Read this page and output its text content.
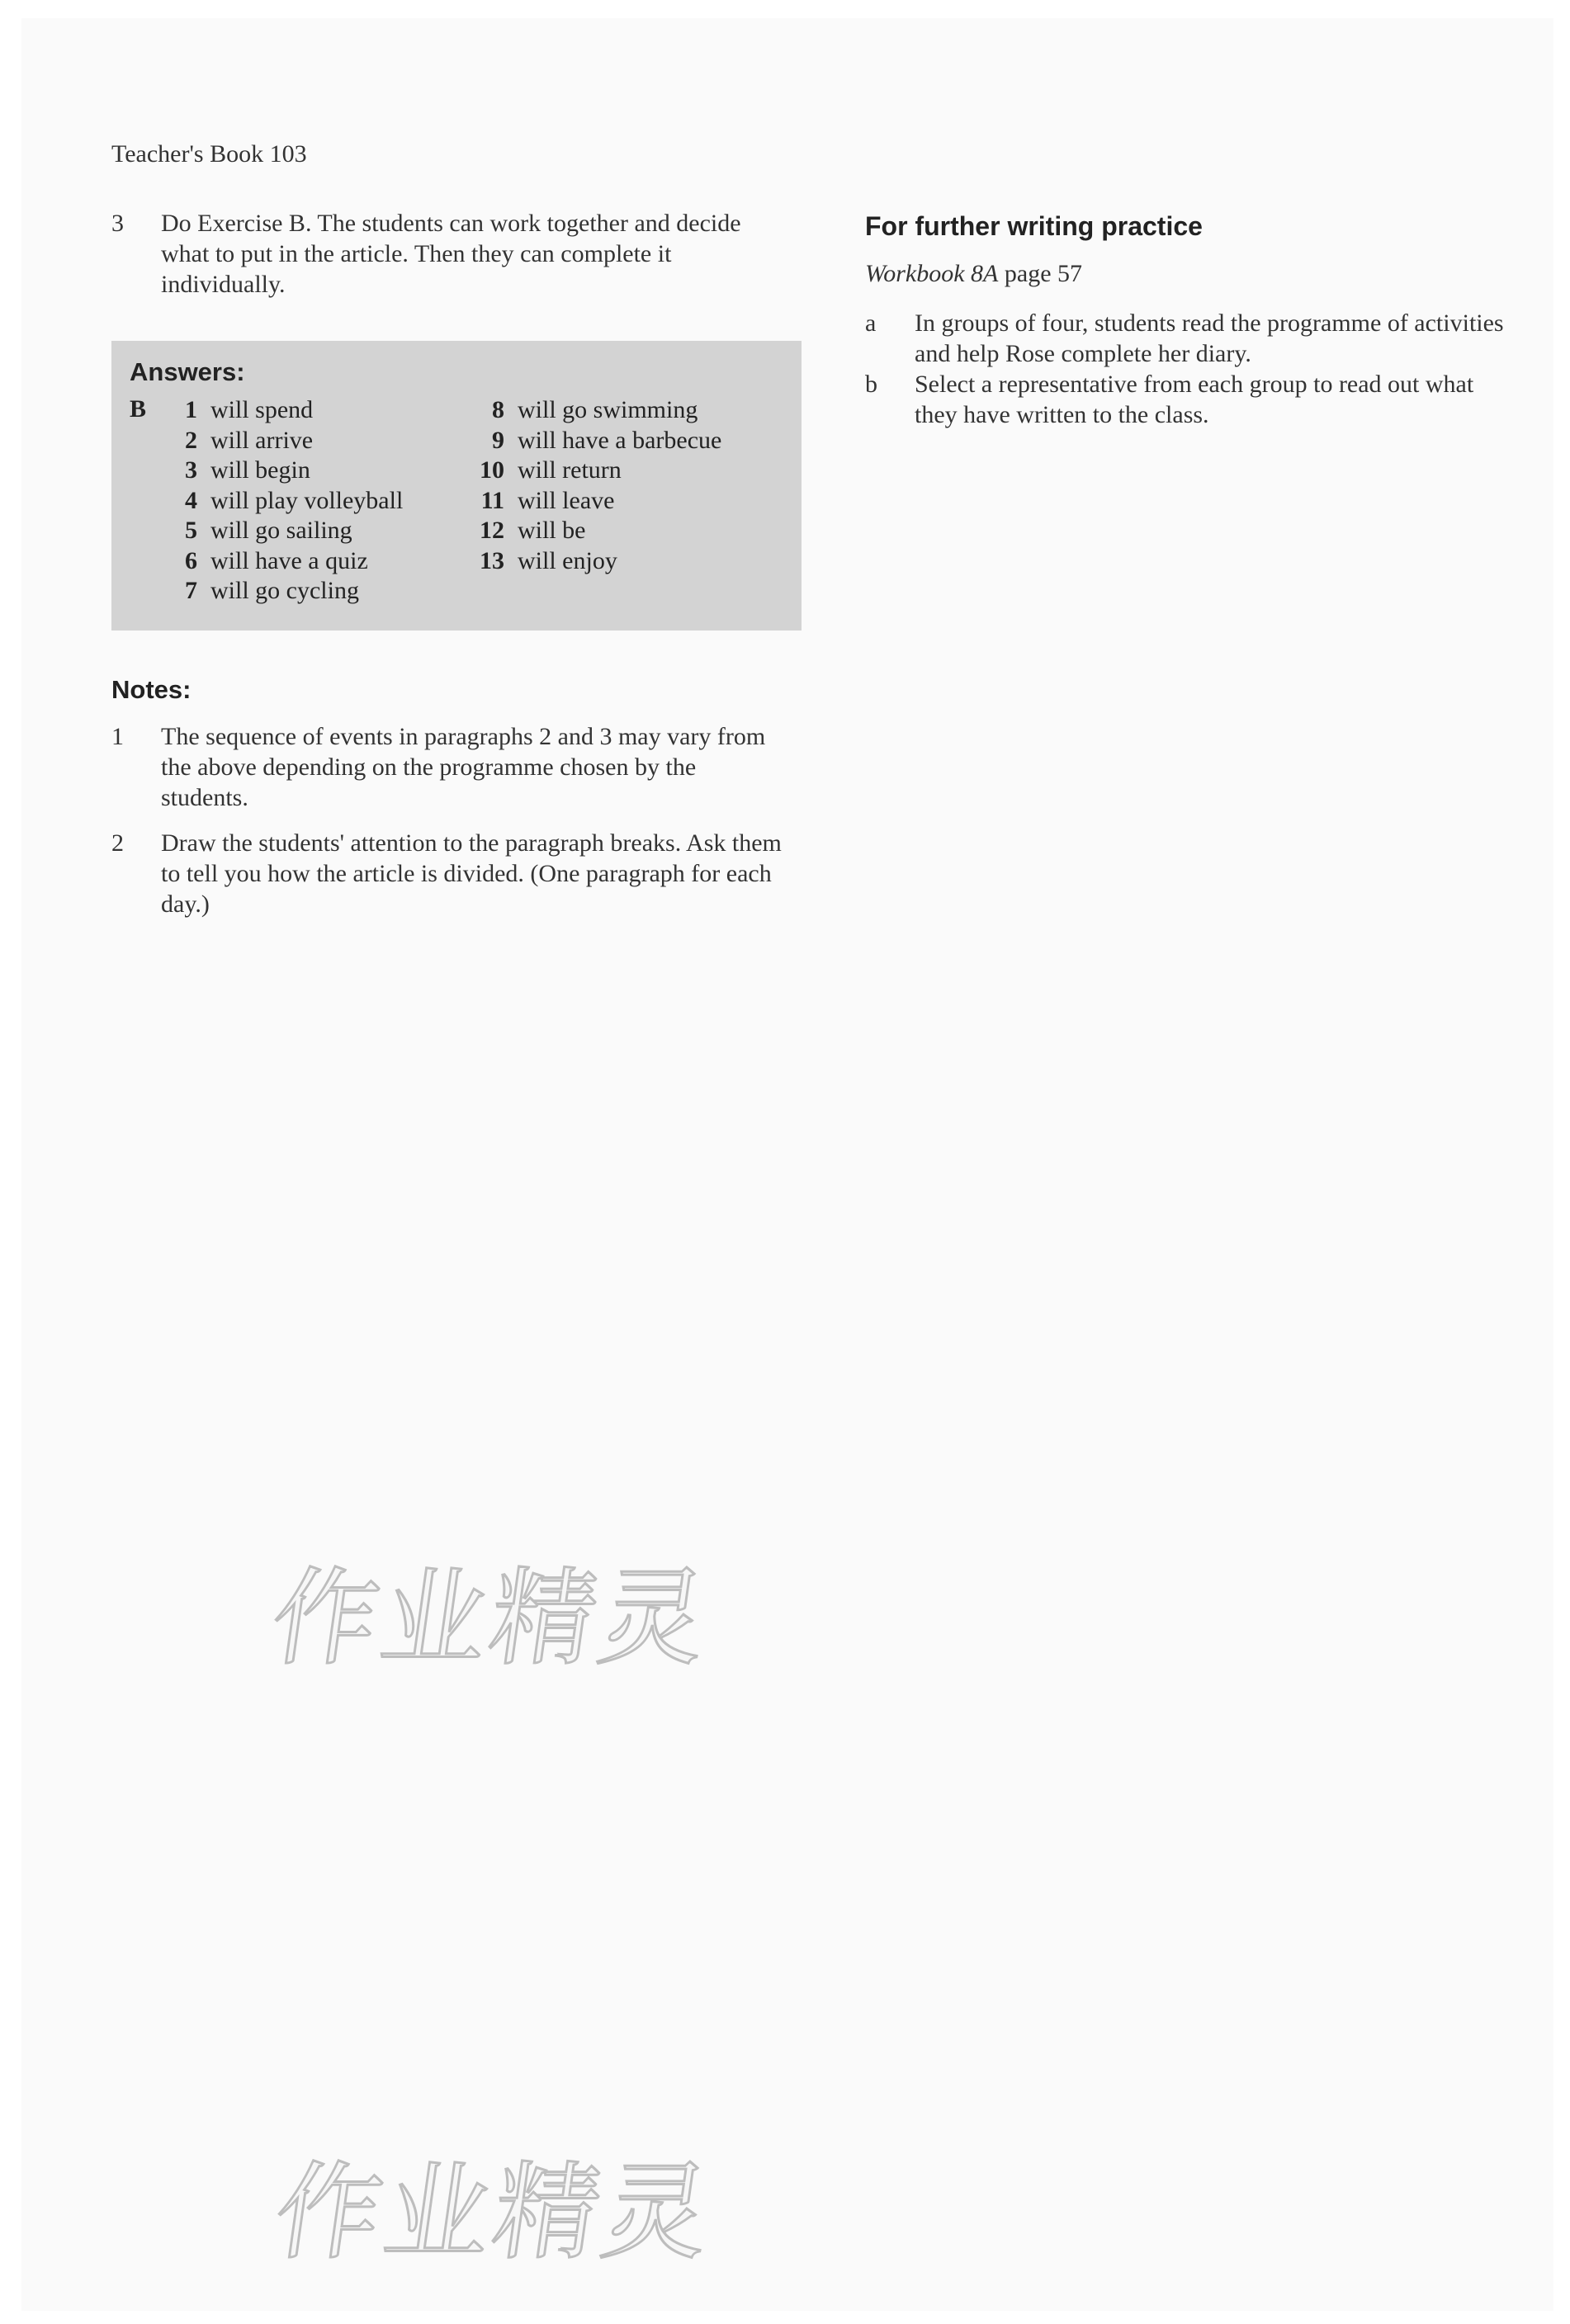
Teacher's Book 103
3	Do Exercise B. The students can work together and decide what to put in the article. Then they can complete it individually.
Answers:
B	1 will spend
2 will arrive
3 will begin
4 will play volleyball
5 will go sailing
6 will have a quiz
7 will go cycling
8 will go swimming
9 will have a barbecue
10 will return
11 will leave
12 will be
13 will enjoy
Notes:
1	The sequence of events in paragraphs 2 and 3 may vary from the above depending on the programme chosen by the students.
2	Draw the students' attention to the paragraph breaks. Ask them to tell you how the article is divided. (One paragraph for each day.)
For further writing practice
Workbook 8A page 57
a	In groups of four, students read the programme of activities and help Rose complete her diary.
b	Select a representative from each group to read out what they have written to the class.
作业精灵
作业精灵
